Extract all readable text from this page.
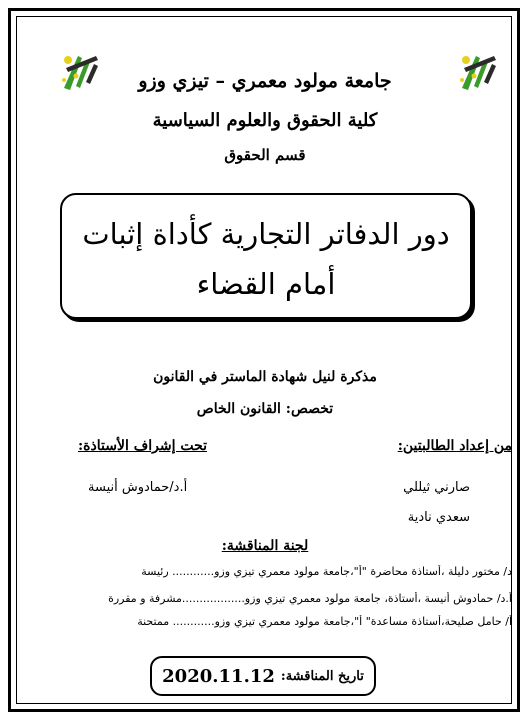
جامعة مولود معمري – تيزي وزو
كلية الحقوق والعلوم السياسية
قسم الحقوق
دور الدفاتر التجارية كأداة إثبات
أمام القضاء
مذكرة لنيل شهادة الماستر في القانون
تخصص: القانون الخاص
من إعداد الطالبتين:
تحت إشراف الأستاذة:
صارني ثيللي
سعدي نادية
أ.د/حمادوش أنيسة
لجنة المناقشة:
د/ مختور دليلة ،أستاذة محاضرة "أ"،جامعة مولود معمري تيزي وزو............ رئيسة
أ.د/ حمادوش أنيسة ،أستاذة، جامعة مولود معمري تيزي وزو..................مشرفة و مقررة
أ/ حامل صليحة،أستاذة مساعدة" أ"،جامعة مولود معمري تيزي وزو............ ممتحنة
تاريخ المناقشة:
2020.11.12
